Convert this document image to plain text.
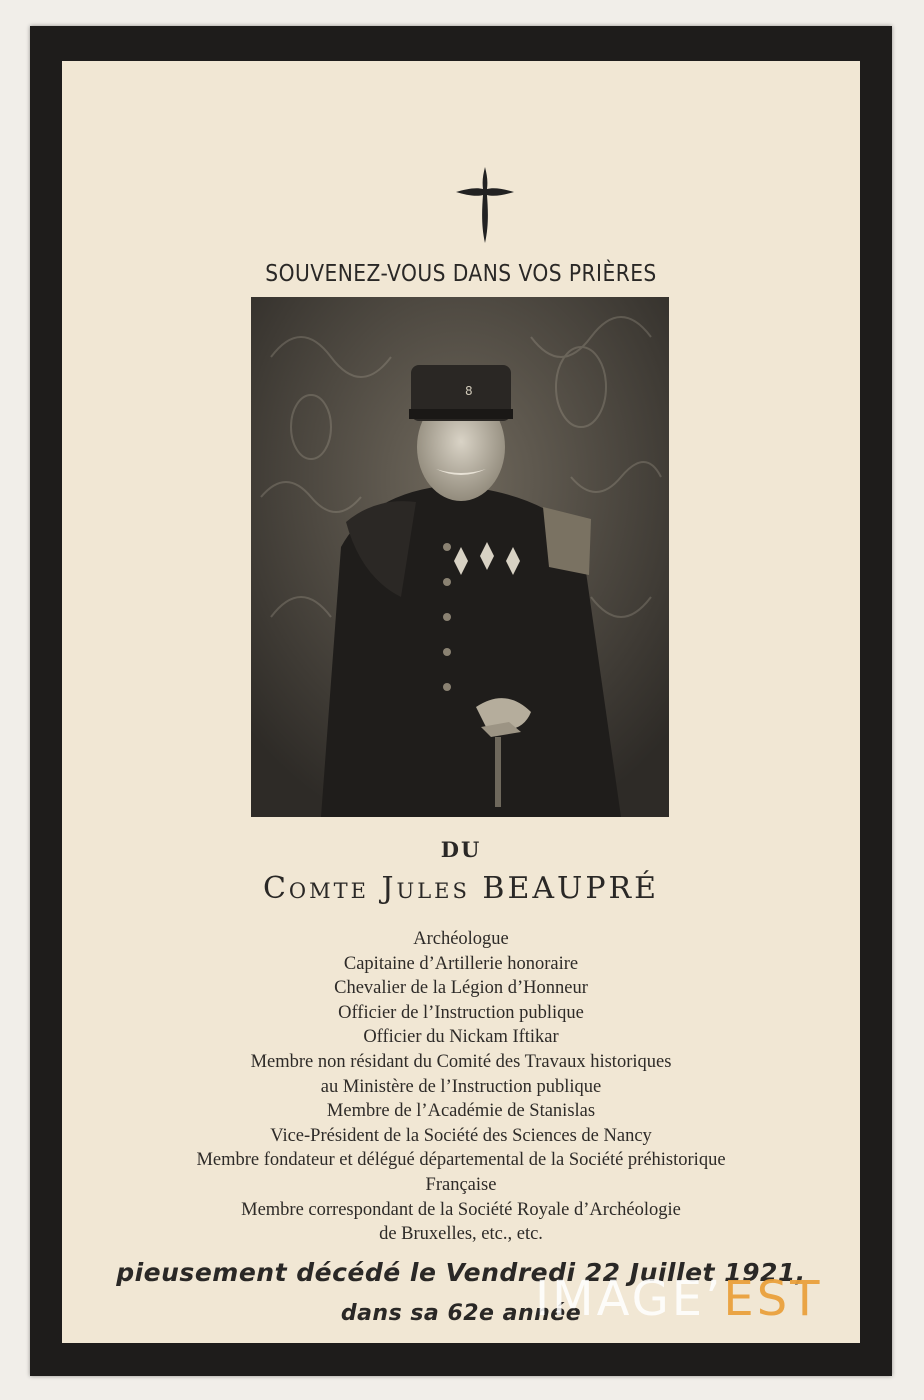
SOUVENEZ-VOUS DANS VOS PRIÈRES
8
DU
Comte Jules BEAUPRÉ
Archéologue
Capitaine d’Artillerie honoraire
Chevalier de la Légion d’Honneur
Officier de l’Instruction publique
Officier du Nickam Iftikar
Membre non résidant du Comité des Travaux historiques
au Ministère de l’Instruction publique
Membre de l’Académie de Stanislas
Vice-Président de la Société des Sciences de Nancy
Membre fondateur et délégué départemental de la Société préhistorique
Française
Membre correspondant de la Société Royale d’Archéologie
de Bruxelles, etc., etc.
pieusement décédé le Vendredi 22 Juillet 1921,
dans sa 62e année
IMAGE’EST
